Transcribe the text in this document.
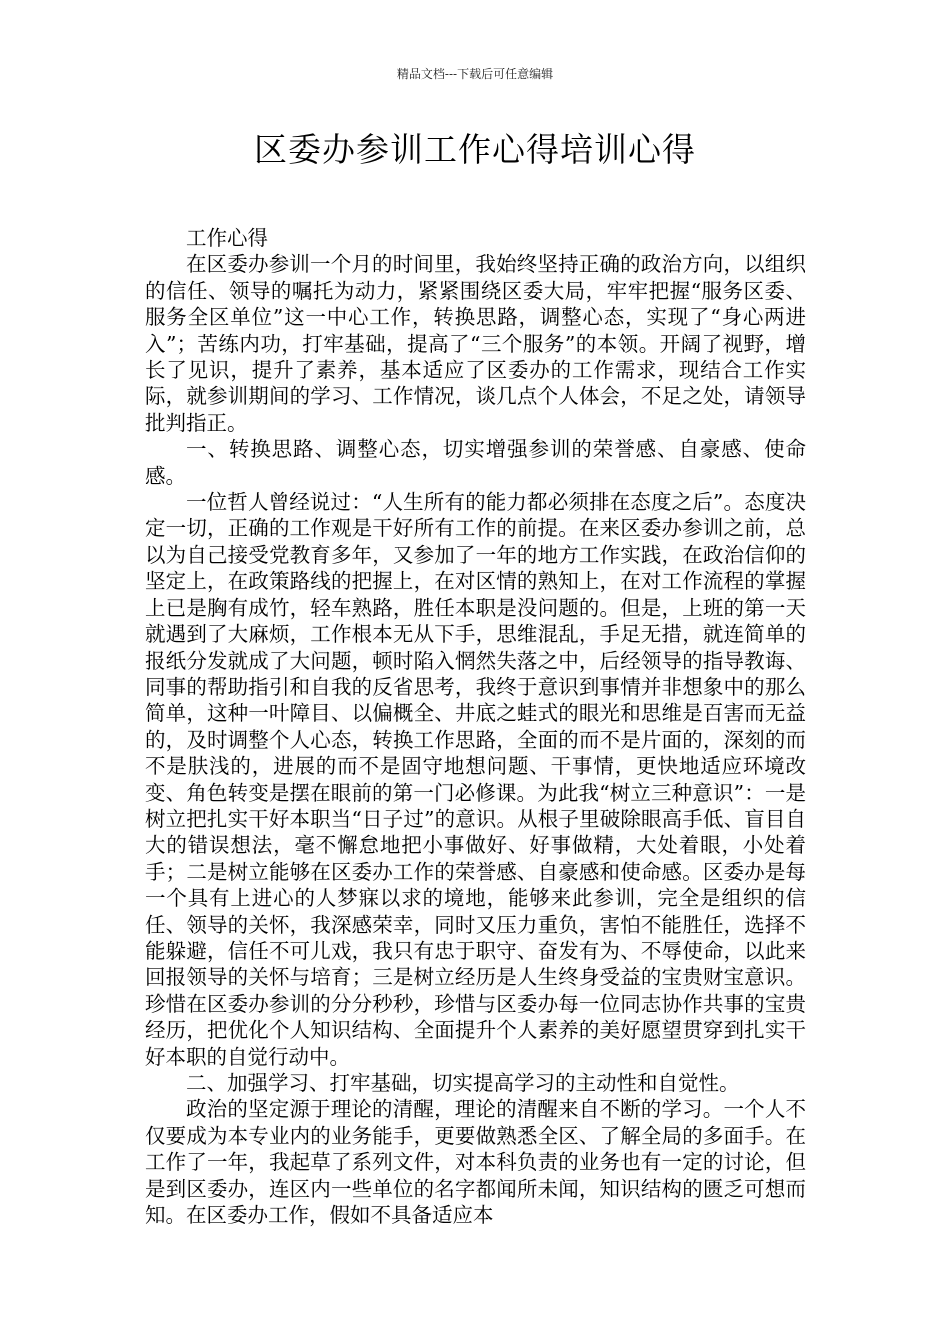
精品文档---下载后可任意编辑
区委办参训工作心得培训心得

工作心得

在区委办参训一个月的时间里，我始终坚持正确的政治方向，以组织的信任、领导的嘱托为动力，紧紧围绕区委大局，牢牢把握“服务区委、服务全区单位”这一中心工作，转换思路，调整心态，实现了“身心两进入”；苦练内功，打牢基础，提高了“三个服务”的本领。开阔了视野，增长了见识，提升了素养，基本适应了区委办的工作需求，现结合工作实际，就参训期间的学习、工作情况，谈几点个人体会，不足之处，请领导批判指正。

一、转换思路、调整心态，切实增强参训的荣誉感、自豪感、使命感。

一位哲人曾经说过：“人生所有的能力都必须排在态度之后”。态度决定一切，正确的工作观是干好所有工作的前提。在来区委办参训之前，总以为自己接受党教育多年，又参加了一年的地方工作实践，在政治信仰的坚定上，在政策路线的把握上，在对区情的熟知上，在对工作流程的掌握上已是胸有成竹，轻车熟路，胜任本职是没问题的。但是，上班的第一天就遇到了大麻烦，工作根本无从下手，思维混乱，手足无措，就连简单的报纸分发就成了大问题，顿时陷入惘然失落之中，后经领导的指导教诲、同事的帮助指引和自我的反省思考，我终于意识到事情并非想象中的那么简单，这种一叶障目、以偏概全、井底之蛙式的眼光和思维是百害而无益的，及时调整个人心态，转换工作思路，全面的而不是片面的，深刻的而不是肤浅的，进展的而不是固守地想问题、干事情，更快地适应环境改变、角色转变是摆在眼前的第一门必修课。为此我“树立三种意识”：一是树立把扎实干好本职当“日子过”的意识。从根子里破除眼高手低、盲目自大的错误想法，毫不懈怠地把小事做好、好事做精，大处着眼，小处着手；二是树立能够在区委办工作的荣誉感、自豪感和使命感。区委办是每一个具有上进心的人梦寐以求的境地，能够来此参训，完全是组织的信任、领导的关怀，我深感荣幸，同时又压力重负，害怕不能胜任，选择不能躲避，信任不可儿戏，我只有忠于职守、奋发有为、不辱使命，以此来回报领导的关怀与培育；三是树立经历是人生终身受益的宝贵财宝意识。珍惜在区委办参训的分分秒秒，珍惜与区委办每一位同志协作共事的宝贵经历，把优化个人知识结构、全面提升个人素养的美好愿望贯穿到扎实干好本职的自觉行动中。

二、加强学习、打牢基础，切实提高学习的主动性和自觉性。

政治的坚定源于理论的清醒，理论的清醒来自不断的学习。一个人不仅要成为本专业内的业务能手，更要做熟悉全区、了解全局的多面手。在工作了一年，我起草了系列文件，对本科负责的业务也有一定的讨论，但是到区委办，连区内一些单位的名字都闻所未闻，知识结构的匮乏可想而知。在区委办工作，假如不具备适应本
